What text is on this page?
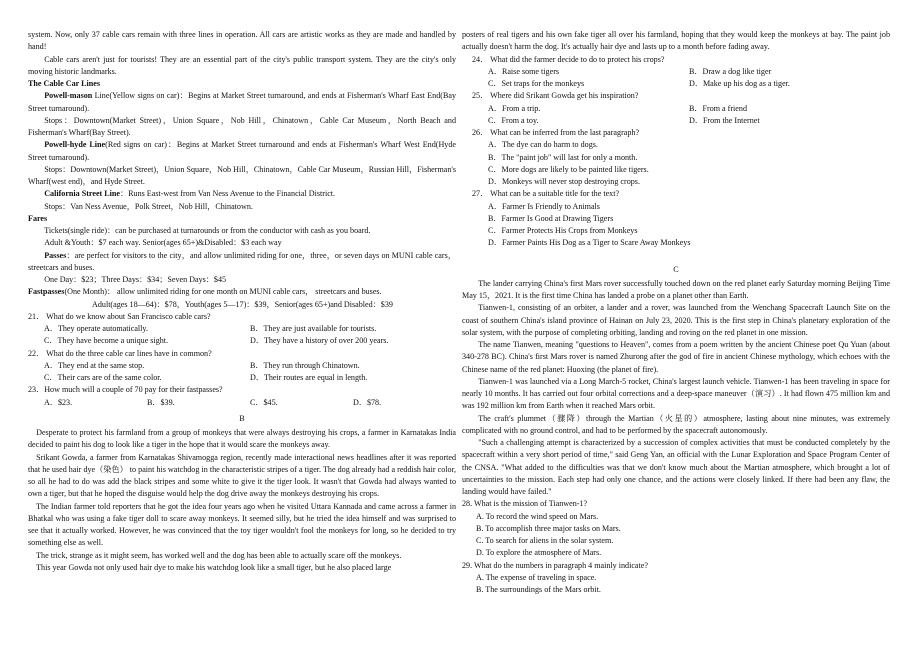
system. Now, only 37 cable cars remain with three lines in operation. All cars are artistic works as they are made and handled by hand!

Cable cars aren't just for tourists! They are an essential part of the city's public transport system. They are the city's only moving historic landmarks.

The Cable Car Lines

Powell-mason Line(Yellow signs on car)：Begins at Market Street turnaround, and ends at Fisherman's Wharf East End(Bay Street turnaround).

Stops：Downtown(Market Street)，Union Square，Nob Hill，Chinatown，Cable Car Museum，North Beach and Fisherman's Wharf(Bay Street).

Powell-hyde Line(Red signs on car)：Begins at Market Street turnaround and ends at Fisherman's Wharf West End(Hyde Street turnaround).

Stops：Downtown(Market Street)，Union Square，Nob Hill，Chinatown，Cable Car Museum，Russian Hill，Fisherman's Wharf(west end)，and Hyde Street.

California Street Line：Runs East-west from Van Ness Avenue to the Financial District.

Stops：Van Ness Avenue，Polk Street，Nob Hill，Chinatown.

Fares

Tickets(single ride)：can be purchased at turnarounds or from the conductor with cash as you board.

Adult &Youth：$7 each way. Senior(ages 65+)&Disabled：$3 each way

Passes：are perfect for visitors to the city，and allow unlimited riding for one，three，or seven days on MUNI cable cars，streetcars and buses.

One Day：$23；Three Days：$34；Seven Days：$45

Fastpasses(One Month)： allow unlimited riding for one month on MUNI cable cars， streetcars and buses.

Adult(ages 18—64)：$78，Youth(ages 5—17)：$39，Senior(ages 65+)and Disabled：$39

21． What do we know about San Francisco cable cars?

A．They operate automatically.	B．They are just available for tourists.
C．They have become a unique sight.	D．They have a history of over 200 years.

22． What do the three cable car lines have in common?

A．They end at the same stop.	B．They run through Chinatown.
C．Their cars are of the same color.	D．Their routes are equal in length.

23．How much will a couple of 70 pay for their fastpasses?

A．$23.	B．$39.	C．$45.	D．$78.

B

Desperate to protect his farmland from a group of monkeys that were always destroying his crops, a farmer in Karnatakas India decided to paint his dog to look like a tiger in the hope that it would scare the monkeys away.

Srikant Gowda, a farmer from Karnatakas Shivamogga region, recently made interactional news headlines after it was reported that he used hair dye（染色） to paint his watchdog in the characteristic stripes of a tiger. The dog already had a reddish hair color, so all he had to do was add the black stripes and some white to give it the tiger look. It wasn't that Gowda had always wanted to own a tiger, but that he hoped the disguise would help the dog drive away the monkeys destroying his crops.

The Indian farmer told reporters that he got the idea four years ago when he visited Uttara Kannada and came across a farmer in Bhatkal who was using a fake tiger doll to scare away monkeys. It seemed silly, but he tried the idea himself and was surprised to see that it actually worked. However, he was convinced that the toy tiger wouldn't fool the monkeys for long, so he decided to try something else as well.

The trick, strange as it might seem, has worked well and the dog has been able to actually scare off the monkeys.

This year Gowda not only used hair dye to make his watchdog look like a small tiger, but he also placed large

posters of real tigers and his own fake tiger all over his farmland, hoping that they would keep the monkeys at bay. The paint job actually doesn't harm the dog. It's actually hair dye and lasts up to a month before fading away.

24． What did the farmer decide to do to protect his crops?

A．Raise some tigers	B．Draw a dog like tiger
C．Set traps for the monkeys	D．Make up his dog as a tiger.

25． Where did Srikant Gowda get his inspiration?

A．From a trip.	B．From a friend
C．From a toy.	D．From the Internet

26． What can be inferred from the last paragraph?

A．The dye can do harm to dogs.
B．The "paint job" will last for only a month.
C．More dogs are likely to be painted like tigers.
D．Monkeys will never stop destroying crops.

27． What can be a suitable title for the text?

A．Farmer Is Friendly to Animals
B．Farmer Is Good at Drawing Tigers
C．Farmer Protects His Crops from Monkeys
D．Farmer Paints His Dog as a Tiger to Scare Away Monkeys

C

The lander carrying China's first Mars rover successfully touched down on the red planet early Saturday morning Beijing Time May 15，2021. It is the first time China has landed a probe on a planet other than Earth.

Tianwen-1, consisting of an orbiter, a lander and a rover, was launched from the Wenchang Spacecraft Launch Site on the coast of southern China's island province of Hainan on July 23, 2020. This is the first step in China's planetary exploration of the solar system, with the purpose of completing orbiting, landing and roving on the red planet in one mission.

The name Tianwen, meaning "questions to Heaven", comes from a poem written by the ancient Chinese poet Qu Yuan (about 340-278 BC). China's first Mars rover is named Zhurong after the god of fire in ancient Chinese mythology, which echoes with the Chinese name of the red planet: Huoxing (the planet of fire).

Tianwen-1 was launched via a Long March-5 rocket, China's largest launch vehicle. Tianwen-1 has been traveling in space for nearly 10 months. It has carried out four orbital corrections and a deep-space maneuver（演习）. It had flown 475 million km and was 192 million km from Earth when it reached Mars orbit.

The craft's plummet（骤降）through the Martian（火星的）atmosphere, lasting about nine minutes, was extremely complicated with no ground control, and had to be performed by the spacecraft autonomously.

"Such a challenging attempt is characterized by a succession of complex activities that must be conducted completely by the spacecraft within a very short period of time," said Geng Yan, an official with the Lunar Exploration and Space Program Center of the CNSA. "What added to the difficulties was that we don't know much about the Martian atmosphere, which brought a lot of uncertainties to the mission. Each step had only one chance, and the actions were closely linked. If there had been any flaw, the landing would have failed."

28. What is the mission of Tianwen-1?

A. To record the wind speed on Mars.
B. To accomplish three major tasks on Mars.
C. To search for aliens in the solar system.
D. To explore the atmosphere of Mars.

29. What do the numbers in paragraph 4 mainly indicate?

A. The expense of traveling in space.
B. The surroundings of the Mars orbit.
